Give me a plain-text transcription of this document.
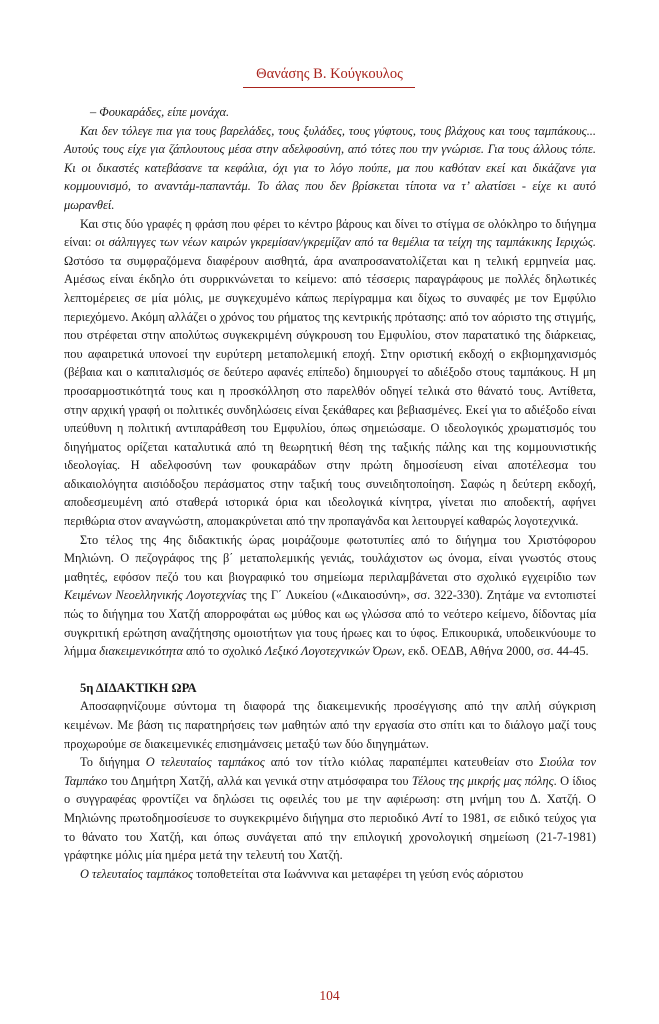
Θανάσης Β. Κούγκουλος

– Φουκαράδες, είπε μονάχα.

Και δεν τόλεγε πια για τους βαρελάδες, τους ξυλάδες, τους γύφτους, τους βλάχους και τους ταμπάκους... Αυτούς τους είχε για ζάπλουτους μέσα στην αδελφοσύνη, από τότες που την γνώρισε. Για τους άλλους τόπε. Κι οι δικαστές κατεβάσανε τα κεφάλια, όχι για το λόγο πούπε, μα που καθόταν εκεί και δικάζανε για κομμουνισμό, το αναντάμ-παπαντάμ. Το άλας που δεν βρίσκεται τίποτα να τ’ αλατίσει - είχε κι αυτό μωρανθεί.

Και στις δύο γραφές η φράση που φέρει το κέντρο βάρους και δίνει το στίγμα σε ολόκληρο το διήγημα είναι: οι σάλπιγγες των νέων καιρών γκρεμίσαν/γκρεμίζαν από τα θεμέλια τα τείχη της ταμπάκικης Ιεριχώς. Ωστόσο τα συμφραζόμενα διαφέρουν αισθητά, άρα αναπροσανατολίζεται και η τελική ερμηνεία μας. Αμέσως είναι έκδηλο ότι συρρικνώνεται το κείμενο: από τέσσερις παραγράφους με πολλές δηλωτικές λεπτομέρειες σε μία μόλις, με συγκεχυμένο κάπως περίγραμμα και δίχως το συναφές με τον Εμφύλιο περιεχόμενο. Ακόμη αλλάζει ο χρόνος του ρήματος της κεντρικής πρότασης: από τον αόριστο της στιγμής, που στρέφεται στην απολύτως συγκεκριμένη σύγκρουση του Εμφυλίου, στον παρατατικό της διάρκειας, που αφαιρετικά υπονοεί την ευρύτερη μεταπολεμική εποχή. Στην οριστική εκδοχή ο εκβιομηχανισμός (βέβαια και ο καπιταλισμός σε δεύτερο αφανές επίπεδο) δημιουργεί το αδιέξοδο στους ταμπάκους. Η μη προσαρμοστικότητά τους και η προσκόλληση στο παρελθόν οδηγεί τελικά στο θάνατό τους. Αντίθετα, στην αρχική γραφή οι πολιτικές συνδηλώσεις είναι ξεκάθαρες και βεβιασμένες. Εκεί για το αδιέξοδο είναι υπεύθυνη η πολιτική αντιπαράθεση του Εμφυλίου, όπως σημειώσαμε. Ο ιδεολογικός χρωματισμός του διηγήματος ορίζεται καταλυτικά από τη θεωρητική θέση της ταξικής πάλης και της κομμουνιστικής ιδεολογίας. Η αδελφοσύνη των φουκαράδων στην πρώτη δημοσίευση είναι αποτέλεσμα του αδικαιολόγητα αισιόδοξου περάσματος στην ταξική τους συνειδητοποίηση. Σαφώς η δεύτερη εκδοχή, αποδεσμευμένη από σταθερά ιστορικά όρια και ιδεολογικά κίνητρα, γίνεται πιο αποδεκτή, αφήνει περιθώρια στον αναγνώστη, απομακρύνεται από την προπαγάνδα και λειτουργεί καθαρώς λογοτεχνικά.

Στο τέλος της 4ης διδακτικής ώρας μοιράζουμε φωτοτυπίες από το διήγημα του Χριστόφορου Μηλιώνη. Ο πεζογράφος της β΄ μεταπολεμικής γενιάς, τουλάχιστον ως όνομα, είναι γνωστός στους μαθητές, εφόσον πεζό του και βιογραφικό του σημείωμα περιλαμβάνεται στο σχολικό εγχειρίδιο των Κειμένων Νεοελληνικής Λογοτεχνίας της Γ΄ Λυκείου («Δικαιοσύνη», σσ. 322-330). Ζητάμε να εντοπιστεί πώς το διήγημα του Χατζή απορροφάται ως μύθος και ως γλώσσα από το νεότερο κείμενο, δίδοντας μία συγκριτική ερώτηση αναζήτησης ομοιοτήτων για τους ήρωες και το ύφος. Επικουρικά, υποδεικνύουμε το λήμμα διακειμενικότητα από το σχολικό Λεξικό Λογοτεχνικών Όρων, εκδ. ΟΕΔΒ, Αθήνα 2000, σσ. 44-45.

5η ΔΙΔΑΚΤΙΚΗ ΩΡΑ

Αποσαφηνίζουμε σύντομα τη διαφορά της διακειμενικής προσέγγισης από την απλή σύγκριση κειμένων. Με βάση τις παρατηρήσεις των μαθητών από την εργασία στο σπίτι και το διάλογο μαζί τους προχωρούμε σε διακειμενικές επισημάνσεις μεταξύ των δύο διηγημάτων.

Το διήγημα Ο τελευταίος ταμπάκος από τον τίτλο κιόλας παραπέμπει κατευθείαν στο Σιούλα τον Ταμπάκο του Δημήτρη Χατζή, αλλά και γενικά στην ατμόσφαιρα του Τέλους της μικρής μας πόλης. Ο ίδιος ο συγγραφέας φροντίζει να δηλώσει τις οφειλές του με την αφιέρωση: στη μνήμη του Δ. Χατζή. Ο Μηλιώνης πρωτοδημοσίευσε το συγκεκριμένο διήγημα στο περιοδικό Αντί το 1981, σε ειδικό τεύχος για το θάνατο του Χατζή, και όπως συνάγεται από την επιλογική χρονολογική σημείωση (21-7-1981) γράφτηκε μόλις μία ημέρα μετά την τελευτή του Χατζή.

Ο τελευταίος ταμπάκος τοποθετείται στα Ιωάννινα και μεταφέρει τη γεύση ενός αόριστου

104
